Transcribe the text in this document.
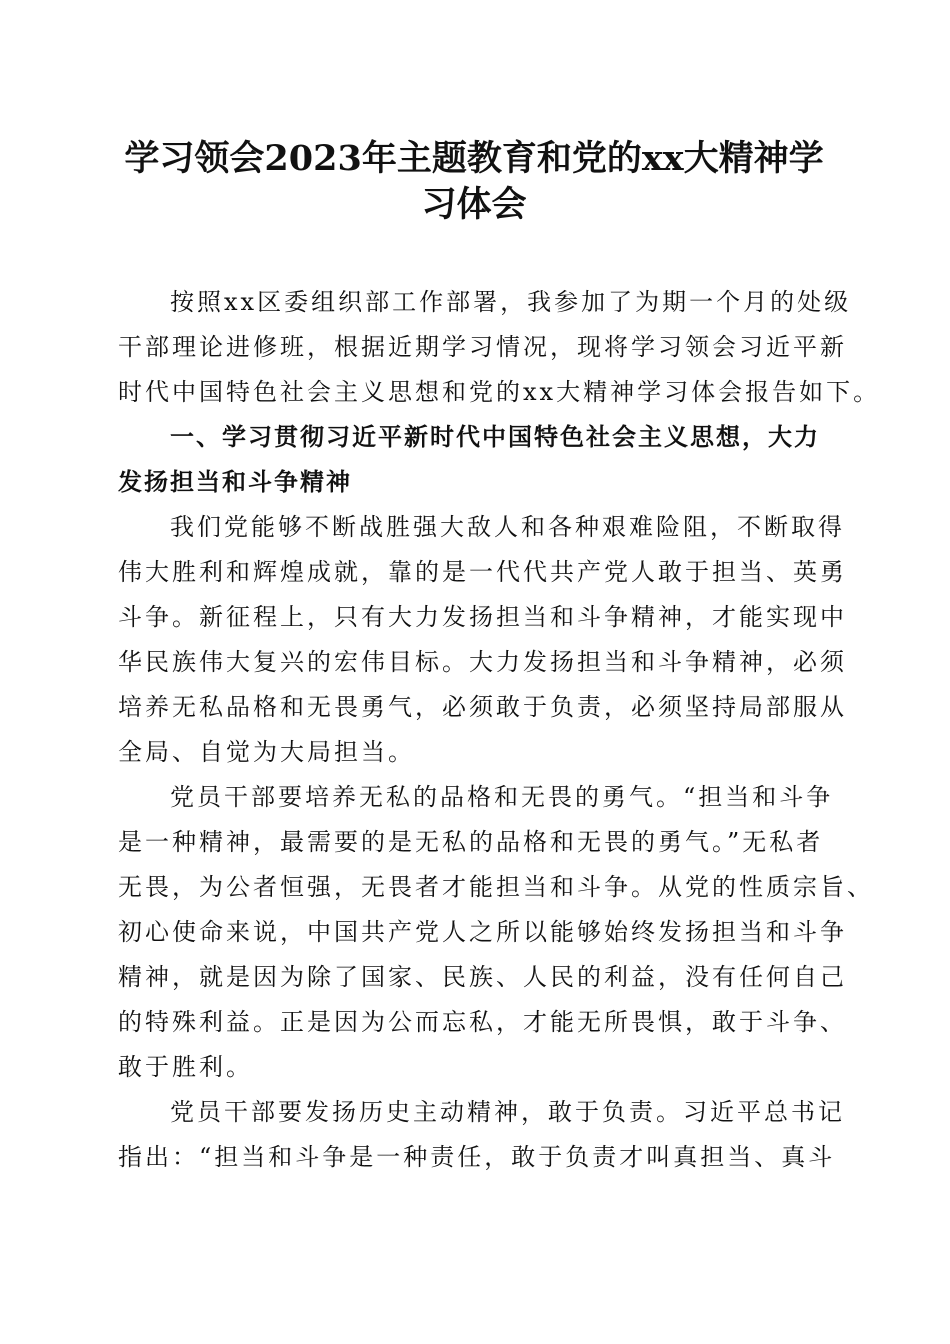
学习领会2023年主题教育和党的xx大精神学
习体会

按照xx区委组织部工作部署，我参加了为期一个月的处级
干部理论进修班，根据近期学习情况，现将学习领会习近平新
时代中国特色社会主义思想和党的xx大精神学习体会报告如下。

一、学习贯彻习近平新时代中国特色社会主义思想，大力
发扬担当和斗争精神

我们党能够不断战胜强大敌人和各种艰难险阻，不断取得
伟大胜利和辉煌成就，靠的是一代代共产党人敢于担当、英勇
斗争。新征程上，只有大力发扬担当和斗争精神，才能实现中
华民族伟大复兴的宏伟目标。大力发扬担当和斗争精神，必须
培养无私品格和无畏勇气，必须敢于负责，必须坚持局部服从
全局、自觉为大局担当。

党员干部要培养无私的品格和无畏的勇气。“担当和斗争
是一种精神，最需要的是无私的品格和无畏的勇气。”无私者
无畏，为公者恒强，无畏者才能担当和斗争。从党的性质宗旨、
初心使命来说，中国共产党人之所以能够始终发扬担当和斗争
精神，就是因为除了国家、民族、人民的利益，没有任何自己
的特殊利益。正是因为公而忘私，才能无所畏惧，敢于斗争、
敢于胜利。

党员干部要发扬历史主动精神，敢于负责。习近平总书记
指出：“担当和斗争是一种责任，敢于负责才叫真担当、真斗
